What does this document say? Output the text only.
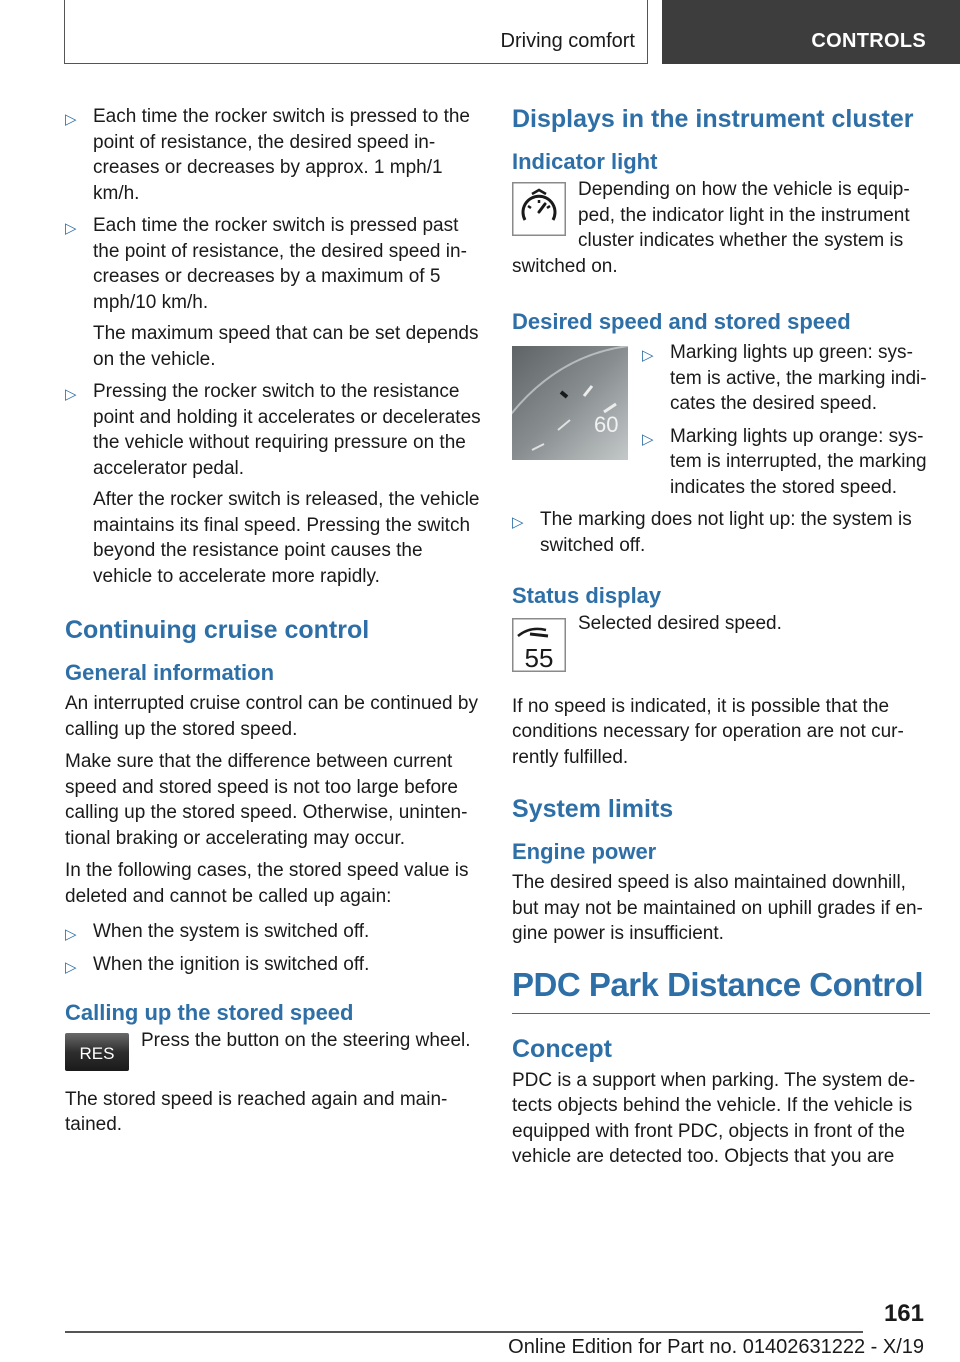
Driving comfort	CONTROLS
▷ Each time the rocker switch is pressed to the point of resistance, the desired speed increases or decreases by approx. 1 mph/1 km/h.

▷ Each time the rocker switch is pressed past the point of resistance, the desired speed increases or decreases by a maximum of 5 mph/10 km/h.

The maximum speed that can be set depends on the vehicle.

▷ Pressing the rocker switch to the resistance point and holding it accelerates or decelerates the vehicle without requiring pressure on the accelerator pedal.

After the rocker switch is released, the vehicle maintains its final speed. Pressing the switch beyond the resistance point causes the vehicle to accelerate more rapidly.

Continuing cruise control
General information

An interrupted cruise control can be continued by calling up the stored speed.

Make sure that the difference between current speed and stored speed is not too large before calling up the stored speed. Otherwise, unintentional braking or accelerating may occur.

In the following cases, the stored speed value is deleted and cannot be called up again:

▷ When the system is switched off.

▷ When the ignition is switched off.

Calling up the stored speed
RES

Press the button on the steering wheel.

The stored speed is reached again and maintained.

Displays in the instrument cluster
Indicator light

Depending on how the vehicle is equipped, the indicator light in the instrument cluster indicates whether the system is switched on.

Desired speed and stored speed
60
▷ Marking lights up green: system is active, the marking indicates the desired speed.

▷ Marking lights up orange: system is interrupted, the marking indicates the stored speed.

▷ The marking does not light up: the system is switched off.

Status display
55

Selected desired speed.

If no speed is indicated, it is possible that the conditions necessary for operation are not currently fulfilled.

System limits
Engine power

The desired speed is also maintained downhill, but may not be maintained on uphill grades if engine power is insufficient.

PDC Park Distance Control
Concept

PDC is a support when parking. The system detects objects behind the vehicle. If the vehicle is equipped with front PDC, objects in front of the vehicle are detected too. Objects that you are

161
Online Edition for Part no. 01402631222 - X/19
